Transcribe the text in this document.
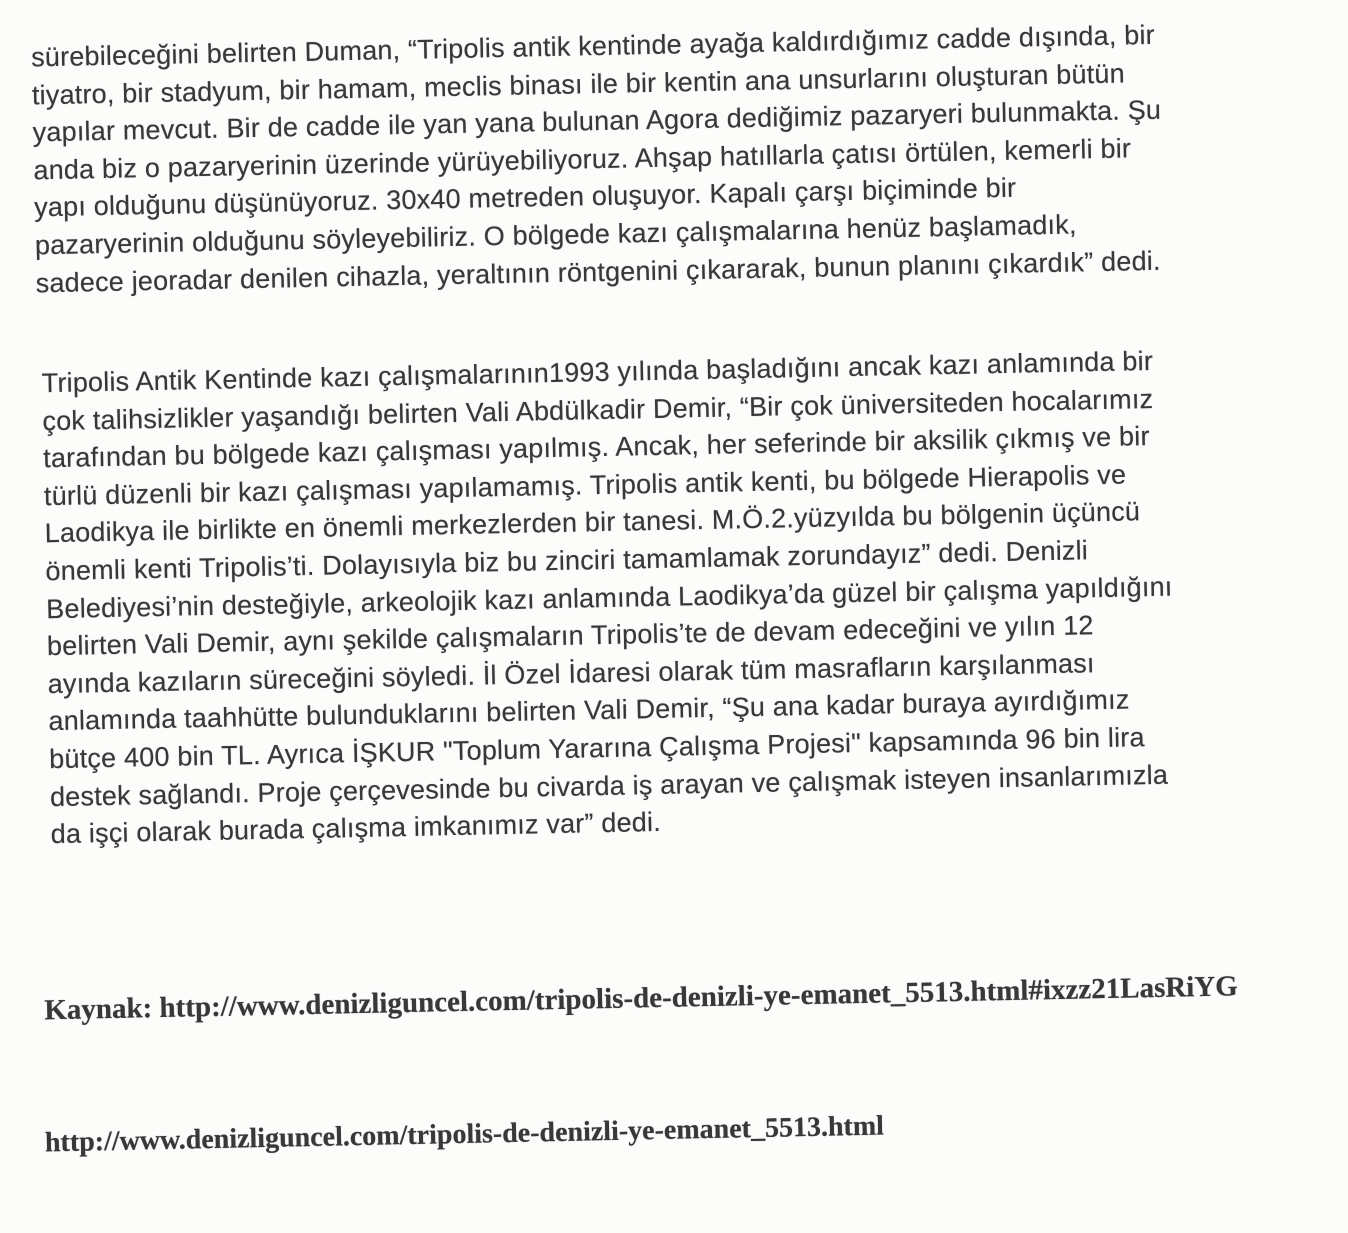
sürebileceğini belirten Duman, “Tripolis antik kentinde ayağa kaldırdığımız cadde dışında, bir
tiyatro, bir stadyum, bir hamam, meclis binası ile bir kentin ana unsurlarını oluşturan bütün
yapılar mevcut. Bir de cadde ile yan yana bulunan Agora dediğimiz pazaryeri bulunmakta. Şu
anda biz o pazaryerinin üzerinde yürüyebiliyoruz. Ahşap hatıllarla çatısı örtülen, kemerli bir
yapı olduğunu düşünüyoruz. 30x40 metreden oluşuyor. Kapalı çarşı biçiminde bir
pazaryerinin olduğunu söyleyebiliriz. O bölgede kazı çalışmalarına henüz başlamadık,
sadece jeoradar denilen cihazla, yeraltının röntgenini çıkararak, bunun planını çıkardık” dedi.
Tripolis Antik Kentinde kazı çalışmalarının1993 yılında başladığını ancak kazı anlamında bir
çok talihsizlikler yaşandığı belirten Vali Abdülkadir Demir, “Bir çok üniversiteden hocalarımız
tarafından bu bölgede kazı çalışması yapılmış. Ancak, her seferinde bir aksilik çıkmış ve bir
türlü düzenli bir kazı çalışması yapılamamış. Tripolis antik kenti, bu bölgede Hierapolis ve
Laodikya ile birlikte en önemli merkezlerden bir tanesi. M.Ö.2.yüzyılda bu bölgenin üçüncü
önemli kenti Tripolis’ti. Dolayısıyla biz bu zinciri tamamlamak zorundayız” dedi. Denizli
Belediyesi’nin desteğiyle, arkeolojik kazı anlamında Laodikya’da güzel bir çalışma yapıldığını
belirten Vali Demir, aynı şekilde çalışmaların Tripolis’te de devam edeceğini ve yılın 12
ayında kazıların süreceğini söyledi. İl Özel İdaresi olarak tüm masrafların karşılanması
anlamında taahhütte bulunduklarını belirten Vali Demir, “Şu ana kadar buraya ayırdığımız
bütçe 400 bin TL. Ayrıca İŞKUR "Toplum Yararına Çalışma Projesi" kapsamında 96 bin lira
destek sağlandı. Proje çerçevesinde bu civarda iş arayan ve çalışmak isteyen insanlarımızla
da işçi olarak burada çalışma imkanımız var” dedi.
Kaynak: http://www.denizliguncel.com/tripolis-de-denizli-ye-emanet_5513.html#ixzz21LasRiYG
http://www.denizliguncel.com/tripolis-de-denizli-ye-emanet_5513.html
